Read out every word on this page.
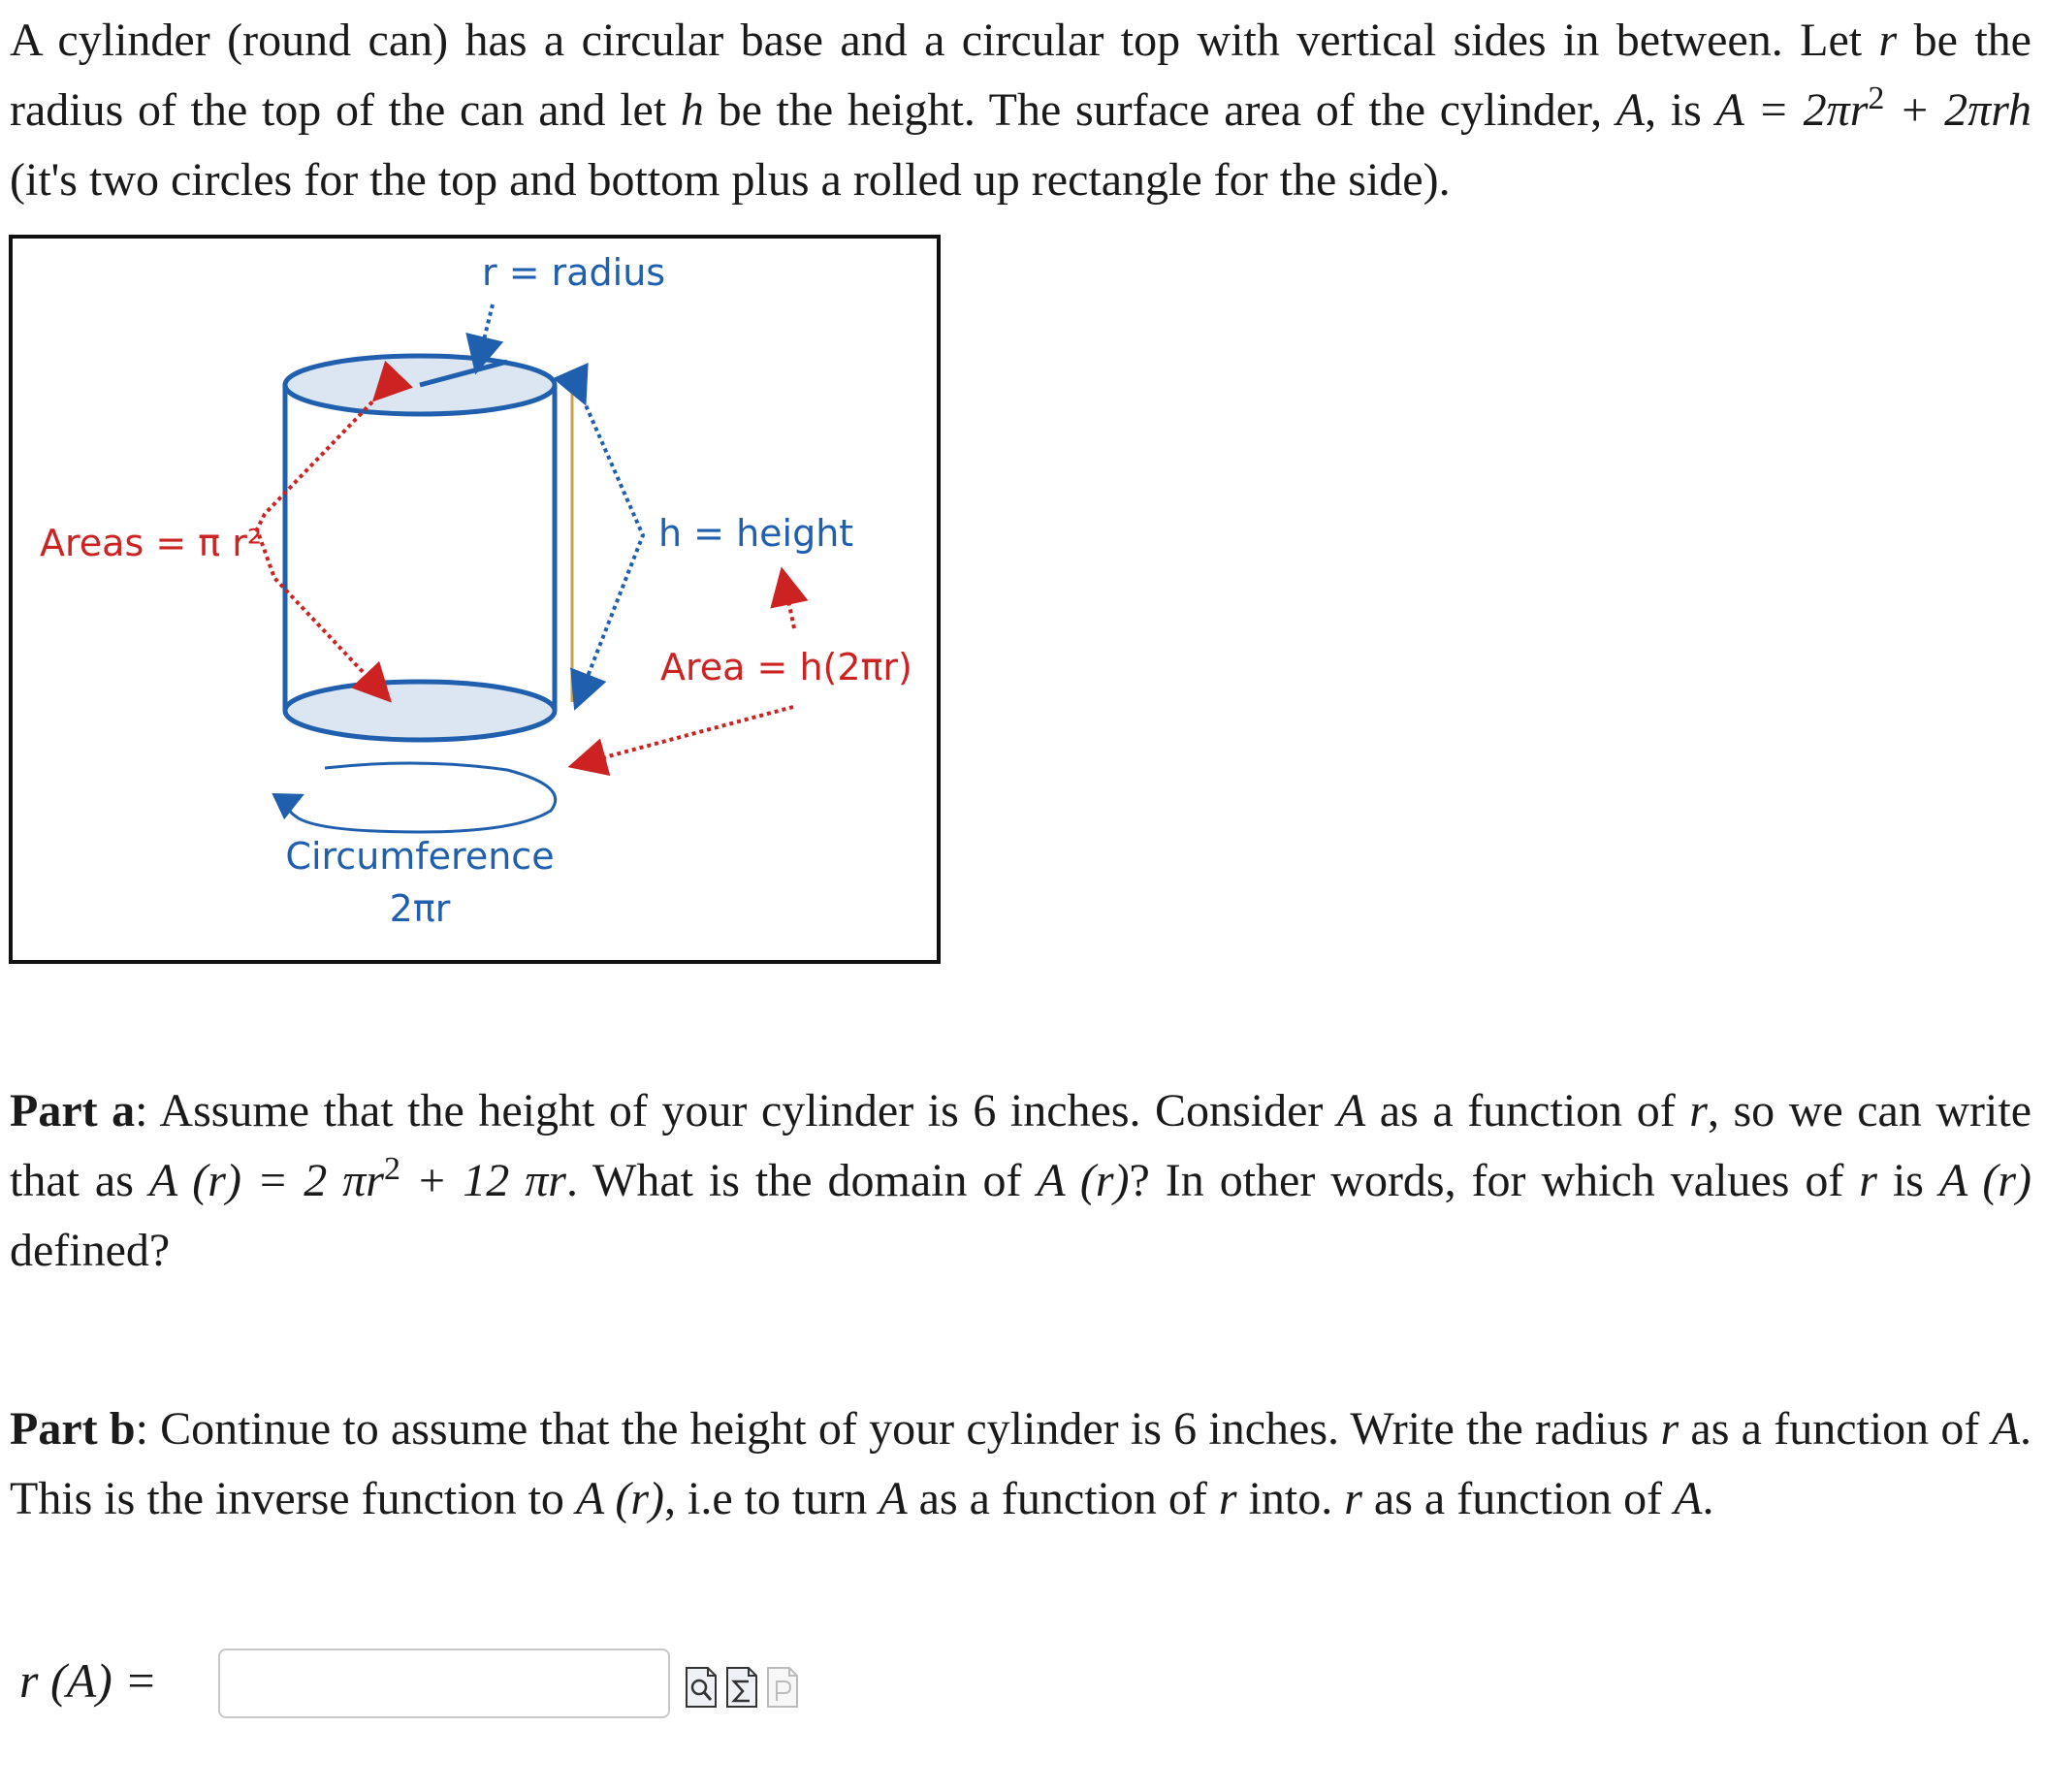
A cylinder (round can) has a circular base and a circular top with vertical sides in between. Let r be the radius of the top of the can and let h be the height. The surface area of the cylinder, A, is $A = 2\pi r^2 + 2\pi rh$ (it's two circles for the top and bottom plus a rolled up rectangle for the side).
r = radius
h = height
Areas = π r²
Area = h(2πr)
Circumference
2πr
Part a: Assume that the height of your cylinder is 6 inches. Consider A as a function of r, so we can write that as A (r) = 2 $\pi r^2 + 12$ πr. What is the domain of A (r)? In other words, for which values of r is A (r) defined?
Part b: Continue to assume that the height of your cylinder is 6 inches. Write the radius r as a function of A. This is the inverse function to A (r), i.e to turn A as a function of r into. r as a function of A.
r (A) =
